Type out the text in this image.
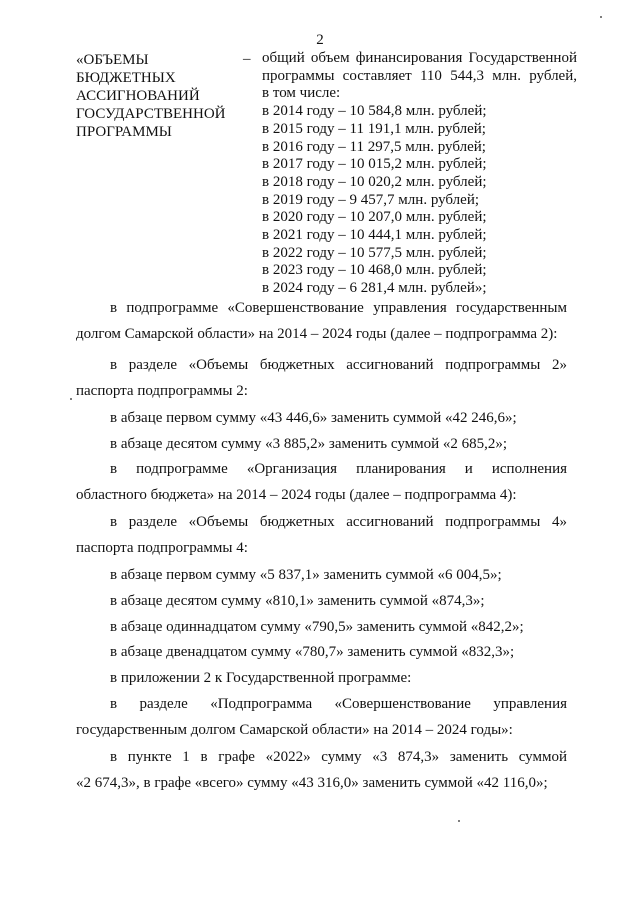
2
«ОБЪЕМЫ
БЮДЖЕТНЫХ
АССИГНОВАНИЙ
ГОСУДАРСТВЕННОЙ
ПРОГРАММЫ
– общий объем финансирования Государственной
программы составляет 110 544,3 млн. рублей,
в том числе:
в 2014 году – 10 584,8 млн. рублей;
в 2015 году – 11 191,1 млн. рублей;
в 2016 году – 11 297,5 млн. рублей;
в 2017 году – 10 015,2 млн. рублей;
в 2018 году – 10 020,2 млн. рублей;
в 2019 году – 9 457,7 млн. рублей;
в 2020 году – 10 207,0 млн. рублей;
в 2021 году – 10 444,1 млн. рублей;
в 2022 году – 10 577,5 млн. рублей;
в 2023 году – 10 468,0 млн. рублей;
в 2024 году – 6 281,4 млн. рублей»;
в подпрограмме «Совершенствование управления государственным
долгом Самарской области» на 2014 – 2024 годы (далее – подпрограмма 2):
в разделе «Объемы бюджетных ассигнований подпрограммы 2»
паспорта подпрограммы 2:
в абзаце первом сумму «43 446,6» заменить суммой «42 246,6»;
в абзаце десятом сумму «3 885,2» заменить суммой «2 685,2»;
в подпрограмме «Организация планирования и исполнения
областного бюджета» на 2014 – 2024 годы (далее – подпрограмма 4):
в разделе «Объемы бюджетных ассигнований подпрограммы 4»
паспорта подпрограммы 4:
в абзаце первом сумму «5 837,1» заменить суммой «6 004,5»;
в абзаце десятом сумму «810,1» заменить суммой «874,3»;
в абзаце одиннадцатом сумму «790,5» заменить суммой «842,2»;
в абзаце двенадцатом сумму «780,7» заменить суммой «832,3»;
в приложении 2 к Государственной программе:
в разделе «Подпрограмма «Совершенствование управления
государственным долгом Самарской области» на 2014 – 2024 годы»:
в пункте 1 в графе «2022» сумму «3 874,3» заменить суммой
«2 674,3», в графе «всего» сумму «43 316,0» заменить суммой «42 116,0»;
